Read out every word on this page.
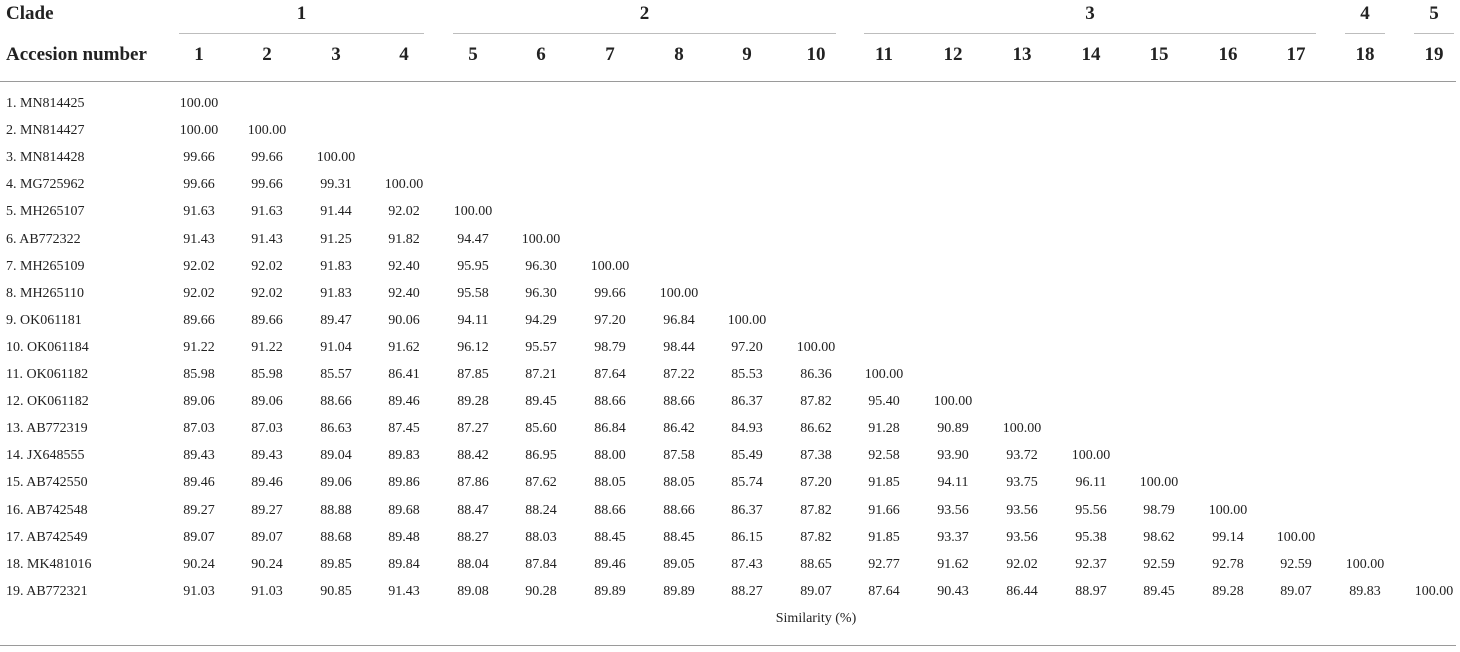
Clade
Accesion number
1	2	3	4	5
1	2	3	4	5	6	7	8	9	10	11	12	13	14	15	16	17	18	19
1. MN814425	100.00
2. MN814427	100.00	100.00
3. MN814428	99.66	99.66	100.00
4. MG725962	99.66	99.66	99.31	100.00
5. MH265107	91.63	91.63	91.44	92.02	100.00
6. AB772322	91.43	91.43	91.25	91.82	94.47	100.00
7. MH265109	92.02	92.02	91.83	92.40	95.95	96.30	100.00
8. MH265110	92.02	92.02	91.83	92.40	95.58	96.30	99.66	100.00
9. OK061181	89.66	89.66	89.47	90.06	94.11	94.29	97.20	96.84	100.00
10. OK061184	91.22	91.22	91.04	91.62	96.12	95.57	98.79	98.44	97.20	100.00
11. OK061182	85.98	85.98	85.57	86.41	87.85	87.21	87.64	87.22	85.53	86.36	100.00
12. OK061182	89.06	89.06	88.66	89.46	89.28	89.45	88.66	88.66	86.37	87.82	95.40	100.00
13. AB772319	87.03	87.03	86.63	87.45	87.27	85.60	86.84	86.42	84.93	86.62	91.28	90.89	100.00
14. JX648555	89.43	89.43	89.04	89.83	88.42	86.95	88.00	87.58	85.49	87.38	92.58	93.90	93.72	100.00
15. AB742550	89.46	89.46	89.06	89.86	87.86	87.62	88.05	88.05	85.74	87.20	91.85	94.11	93.75	96.11	100.00
16. AB742548	89.27	89.27	88.88	89.68	88.47	88.24	88.66	88.66	86.37	87.82	91.66	93.56	93.56	95.56	98.79	100.00
17. AB742549	89.07	89.07	88.68	89.48	88.27	88.03	88.45	88.45	86.15	87.82	91.85	93.37	93.56	95.38	98.62	99.14	100.00
18. MK481016	90.24	90.24	89.85	89.84	88.04	87.84	89.46	89.05	87.43	88.65	92.77	91.62	92.02	92.37	92.59	92.78	92.59	100.00
19. AB772321	91.03	91.03	90.85	91.43	89.08	90.28	89.89	89.89	88.27	89.07	87.64	90.43	86.44	88.97	89.45	89.28	89.07	89.83	100.00
Similarity (%)
